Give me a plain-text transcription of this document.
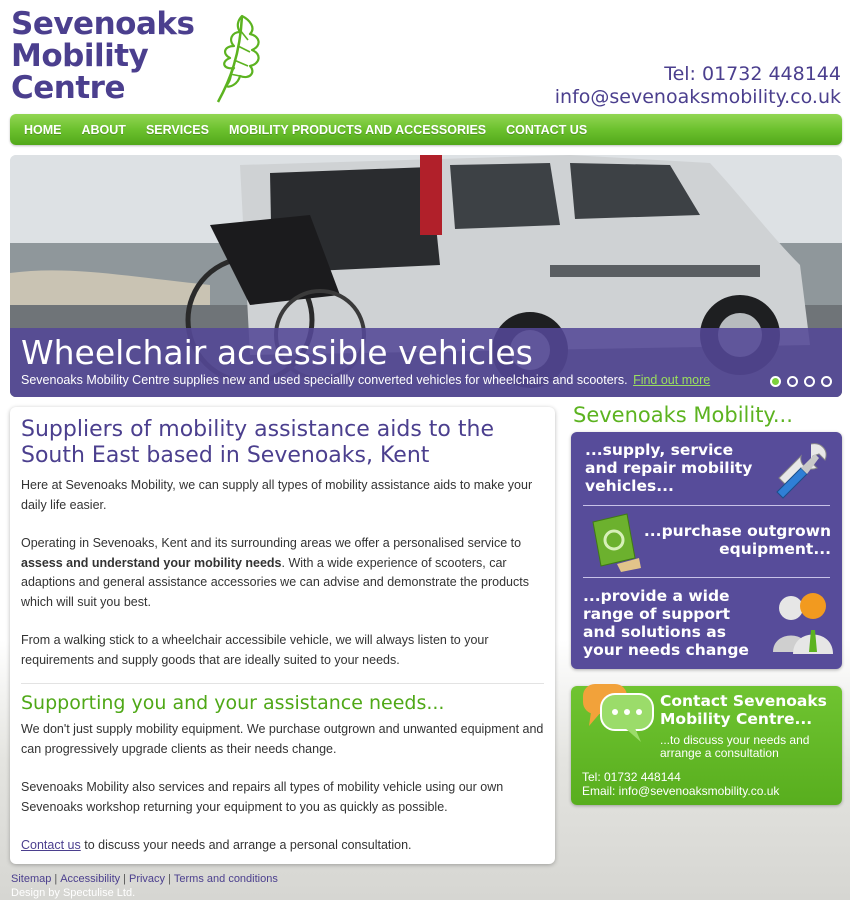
Sevenoaks
Mobility
Centre	Tel: 01732 448144
info@sevenoaksmobility.co.uk
HOME	ABOUT	SERVICES	MOBILITY PRODUCTS AND ACCESSORIES	CONTACT US
Wheelchair accessible vehicles
Sevenoaks Mobility Centre supplies new and used speciallly converted vehicles for wheelchairs and scooters. Find out more
Suppliers of mobility assistance aids to the South East based in Sevenoaks, Kent

Here at Sevenoaks Mobility, we can supply all types of mobility assistance aids to make your daily life easier.

Operating in Sevenoaks, Kent and its surrounding areas we offer a personalised service to assess and understand your mobility needs. With a wide experience of scooters, car adaptions and general assistance accessories we can advise and demonstrate the products which will suit you best.

From a walking stick to a wheelchair accessibile vehicle, we will always listen to your requirements and supply goods that are ideally suited to your needs.

Supporting you and your assistance needs...

We don't just supply mobility equipment. We purchase outgrown and unwanted equipment and can progressively upgrade clients as their needs change.

Sevenoaks Mobility also services and repairs all types of mobility vehicle using our own Sevenoaks workshop returning your equipment to you as quickly as possible.

Contact us to discuss your needs and arrange a personal consultation.

Sevenoaks Mobility...
...supply, service and repair mobility vehicles...
...purchase outgrown equipment...
...provide a wide range of support and solutions as your needs change
Contact Sevenoaks Mobility Centre...
...to discuss your needs and arrange a consultation
Tel: 01732 448144
Email: info@sevenoaksmobility.co.uk
Sitemap | Accessibility | Privacy | Terms and conditions
Design by Spectulise Ltd.
